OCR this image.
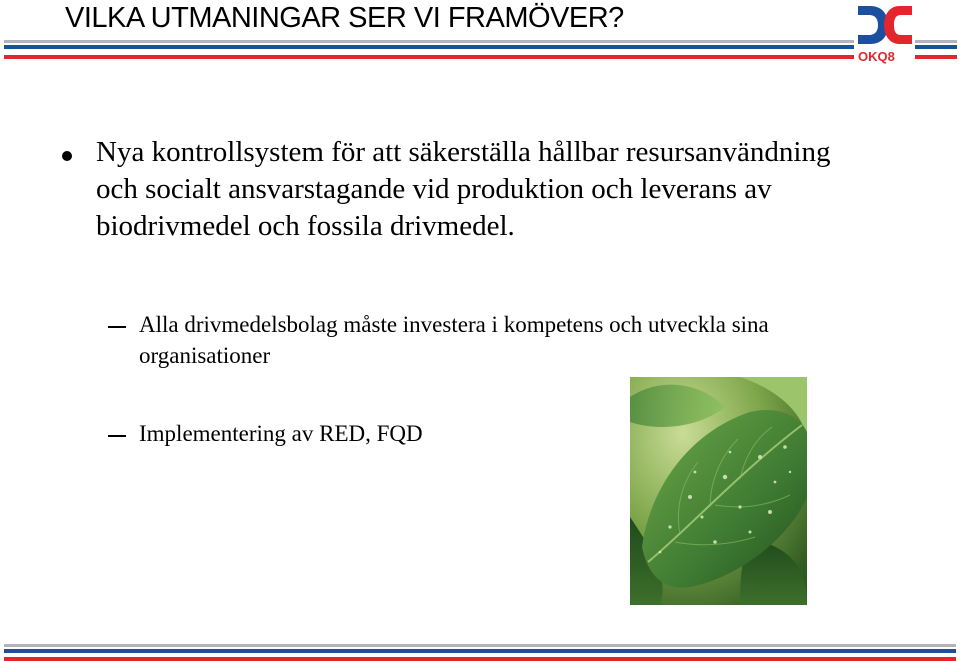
VILKA UTMANINGAR SER VI FRAMÖVER?
OKQ8
Nya kontrollsystem för att säkerställa hållbar resursanvändning och socialt ansvarstagande vid produktion och leverans av biodrivmedel och fossila drivmedel.
Alla drivmedelsbolag måste investera i kompetens och utveckla sina organisationer
Implementering av RED, FQD
